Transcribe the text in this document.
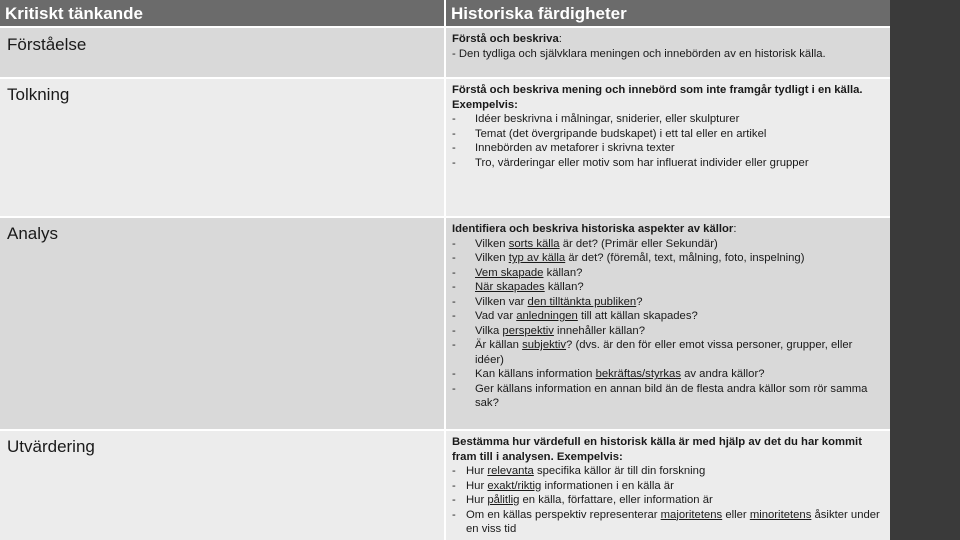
Kritiskt tänkande	Historiska färdigheter
Förståelse	Förstå och beskriva:
- Den tydliga och självklara meningen och innebörden av en historisk källa.
Tolkning	Förstå och beskriva mening och innebörd som inte framgår tydligt i en källa. Exempelvis:
- Idéer beskrivna i målningar, sniderier, eller skulpturer
- Temat (det övergripande budskapet) i ett tal eller en artikel
- Innebörden av metaforer i skrivna texter
- Tro, värderingar eller motiv som har influerat individer eller grupper
Analys	Identifiera och beskriva historiska aspekter av källor:
- Vilken sorts källa är det? (Primär eller Sekundär)
- Vilken typ av källa är det? (föremål, text, målning, foto, inspelning)
- Vem skapade källan?
- När skapades källan?
- Vilken var den tilltänkta publiken?
- Vad var anledningen till att källan skapades?
- Vilka perspektiv innehåller källan?
- Är källan subjektiv? (dvs. är den för eller emot vissa personer, grupper, eller idéer)
- Kan källans information bekräftas/styrkas av andra källor?
- Ger källans information en annan bild än de flesta andra källor som rör samma sak?
Utvärdering	Bestämma hur värdefull en historisk källa är med hjälp av det du har kommit fram till i analysen. Exempelvis:
- Hur relevanta specifika källor är till din forskning
- Hur exakt/riktig informationen i en källa är
- Hur pålitlig en källa, författare, eller information är
- Om en källas perspektiv representerar majoritetens eller minoritetens åsikter under en viss tid
